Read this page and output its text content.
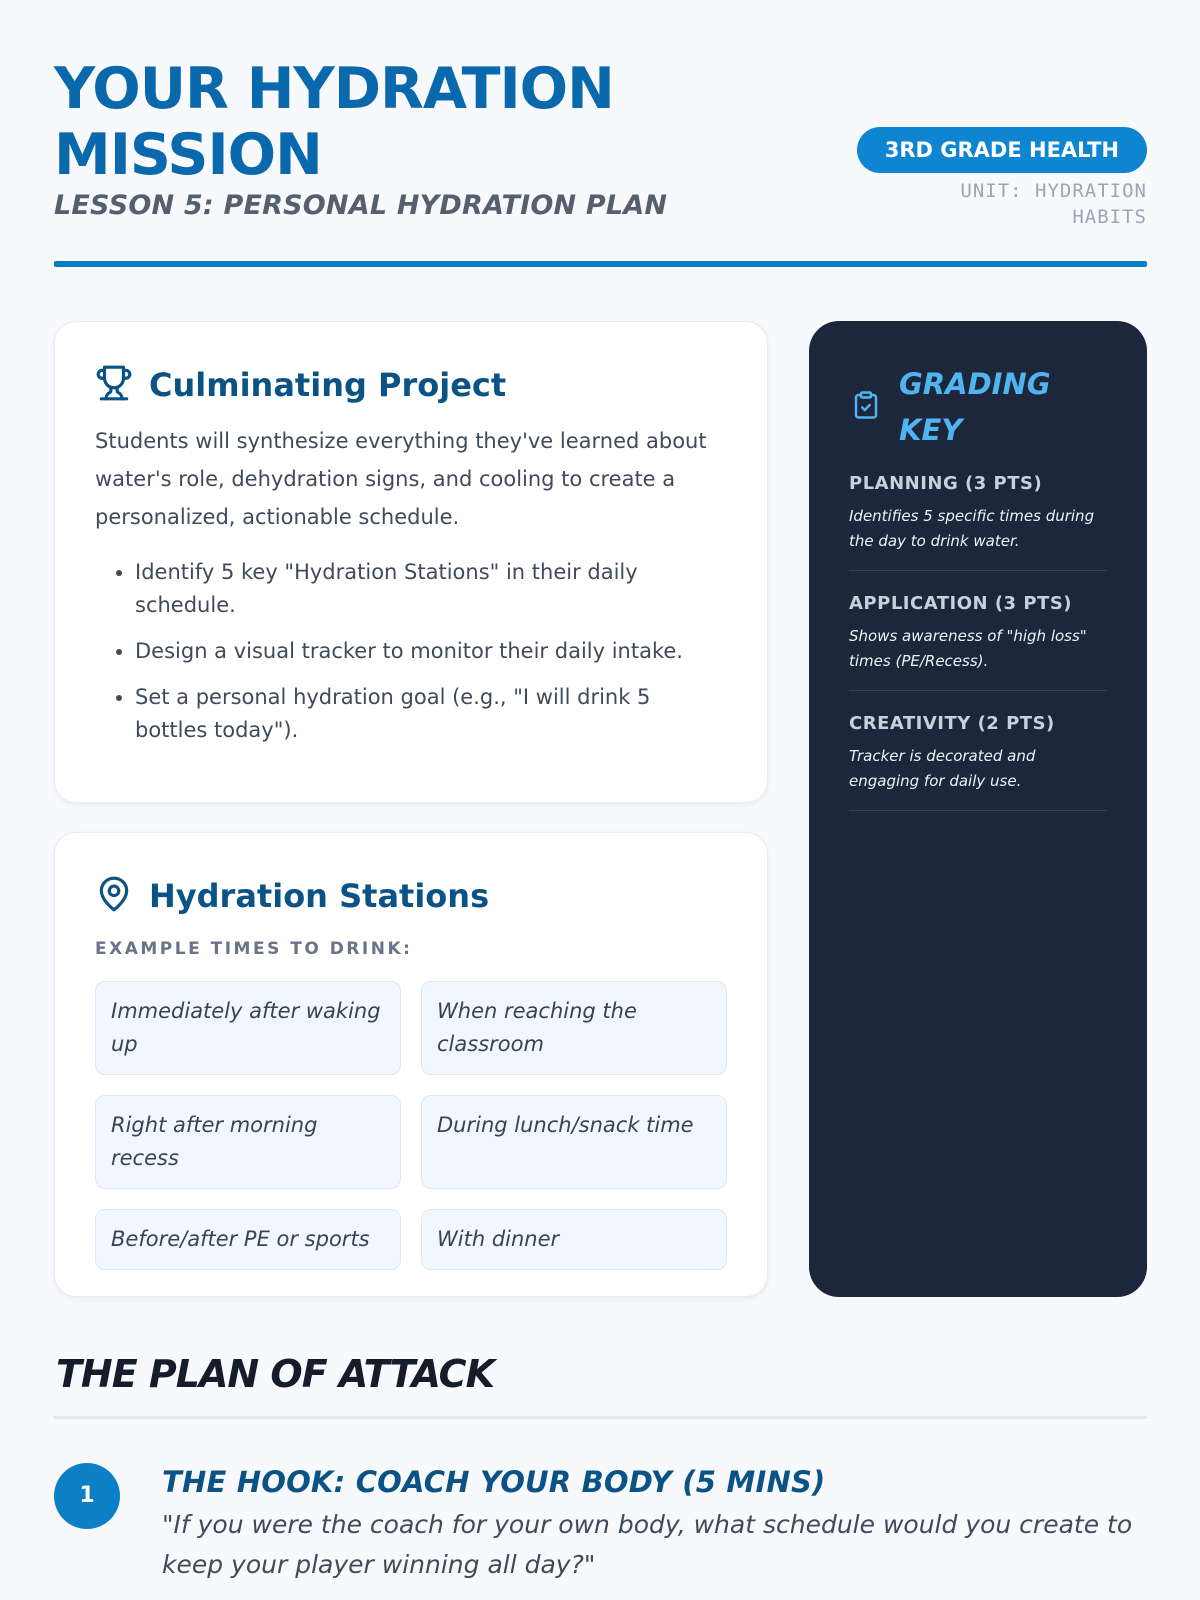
YOUR HYDRATION MISSION
LESSON 5: PERSONAL HYDRATION PLAN
3RD GRADE HEALTH
UNIT: HYDRATION HABITS
Culminating Project
Students will synthesize everything they've learned about water's role, dehydration signs, and cooling to create a personalized, actionable schedule.
• Identify 5 key "Hydration Stations" in their daily schedule.
• Design a visual tracker to monitor their daily intake.
• Set a personal hydration goal (e.g., "I will drink 5 bottles today").
Hydration Stations
EXAMPLE TIMES TO DRINK:
Immediately after waking up
When reaching the classroom
Right after morning recess
During lunch/snack time
Before/after PE or sports	With dinner
GRADING KEY
PLANNING (3 PTS)
Identifies 5 specific times during the day to drink water.
APPLICATION (3 PTS)
Shows awareness of "high loss" times (PE/Recess).
CREATIVITY (2 PTS)
Tracker is decorated and engaging for daily use.
THE PLAN OF ATTACK
1	THE HOOK: COACH YOUR BODY (5 MINS)
"If you were the coach for your own body, what schedule would you create to keep your player winning all day?"
